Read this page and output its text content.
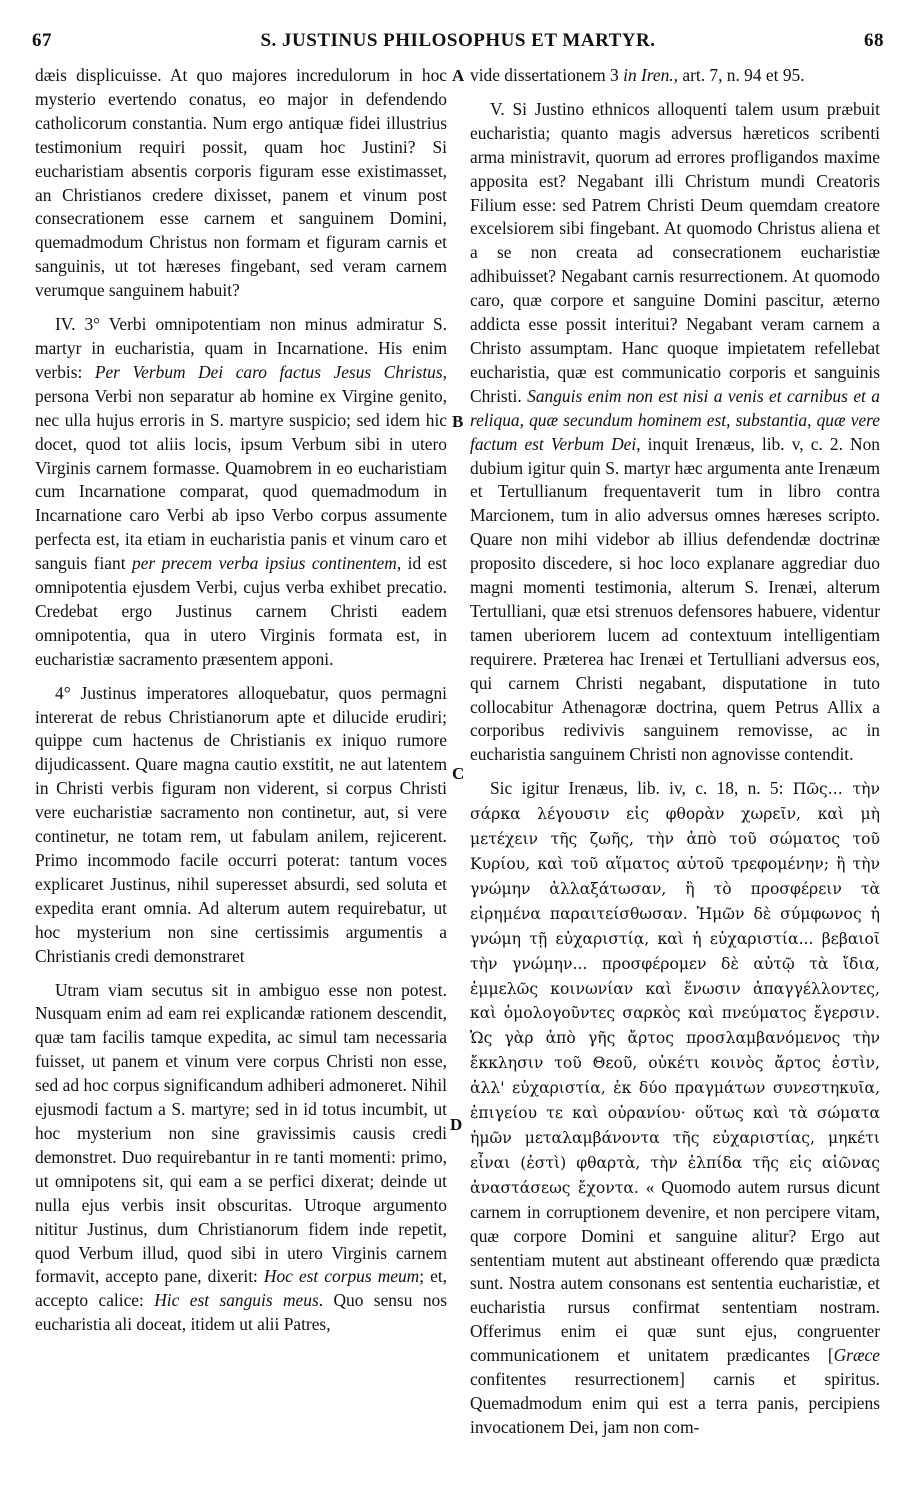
67	S. JUSTINUS PHILOSOPHUS ET MARTYR.	68
A
B
C
D

dæis displicuisse. At quo majores incredulorum in hoc mysterio evertendo conatus, eo major in defendendo catholicorum constantia. Num ergo antiquæ fidei illustrius testimonium requiri possit, quam hoc Justini? Si eucharistiam absentis corporis figuram esse existimasset, an Christianos credere dixisset, panem et vinum post consecrationem esse carnem et sanguinem Domini, quemadmodum Christus non formam et figuram carnis et sanguinis, ut tot hæreses fingebant, sed veram carnem verumque sanguinem habuit?

IV. 3° Verbi omnipotentiam non minus admiratur S. martyr in eucharistia, quam in Incarnatione. His enim verbis: Per Verbum Dei caro factus Jesus Christus, persona Verbi non separatur ab homine ex Virgine genito, nec ulla hujus erroris in S. martyre suspicio; sed idem hic docet, quod tot aliis locis, ipsum Verbum sibi in utero Virginis carnem formasse. Quamobrem in eo eucharistiam cum Incarnatione comparat, quod quemadmodum in Incarnatione caro Verbi ab ipso Verbo corpus assumente perfecta est, ita etiam in eucharistia panis et vinum caro et sanguis fiant per precem verba ipsius continentem, id est omnipotentia ejusdem Verbi, cujus verba exhibet precatio. Credebat ergo Justinus carnem Christi eadem omnipotentia, qua in utero Virginis formata est, in eucharistiæ sacramento præsentem apponi.

4° Justinus imperatores alloquebatur, quos permagni intererat de rebus Christianorum apte et dilucide erudiri; quippe cum hactenus de Christianis ex iniquo rumore dijudicassent. Quare magna cautio exstitit, ne aut latentem in Christi verbis figuram non viderent, si corpus Christi vere eucharistiæ sacramento non continetur, aut, si vere continetur, ne totam rem, ut fabulam anilem, rejicerent. Primo incommodo facile occurri poterat: tantum voces explicaret Justinus, nihil superesset absurdi, sed soluta et expedita erant omnia. Ad alterum autem requirebatur, ut hoc mysterium non sine certissimis argumentis a Christianis credi demonstraret

Utram viam secutus sit in ambiguo esse non potest. Nusquam enim ad eam rei explicandæ rationem descendit, quæ tam facilis tamque expedita, ac simul tam necessaria fuisset, ut panem et vinum vere corpus Christi non esse, sed ad hoc corpus significandum adhiberi admoneret. Nihil ejusmodi factum a S. martyre; sed in id totus incumbit, ut hoc mysterium non sine gravissimis causis credi demonstret. Duo requirebantur in re tanti momenti: primo, ut omnipotens sit, qui eam a se perfici dixerat; deinde ut nulla ejus verbis insit obscuritas. Utroque argumento nititur Justinus, dum Christianorum fidem inde repetit, quod Verbum illud, quod sibi in utero Virginis carnem formavit, accepto pane, dixerit: Hoc est corpus meum; et, accepto calice: Hic est sanguis meus. Quo sensu nos eucharistia ali doceat, itidem ut alii Patres,

vide dissertationem 3 in Iren., art. 7, n. 94 et 95.

V. Si Justino ethnicos alloquenti talem usum præbuit eucharistia; quanto magis adversus hæreticos scribenti arma ministravit, quorum ad errores profligandos maxime apposita est? Negabant illi Christum mundi Creatoris Filium esse: sed Patrem Christi Deum quemdam creatore excelsiorem sibi fingebant. At quomodo Christus aliena et a se non creata ad consecrationem eucharistiæ adhibuisset? Negabant carnis resurrectionem. At quomodo caro, quæ corpore et sanguine Domini pascitur, æterno addicta esse possit interitui? Negabant veram carnem a Christo assumptam. Hanc quoque impietatem refellebat eucharistia, quæ est communicatio corporis et sanguinis Christi. Sanguis enim non est nisi a venis et carnibus et a reliqua, quæ secundum hominem est, substantia, quæ vere factum est Verbum Dei, inquit Irenæus, lib. v, c. 2. Non dubium igitur quin S. martyr hæc argumenta ante Irenæum et Tertullianum frequentaverit tum in libro contra Marcionem, tum in alio adversus omnes hæreses scripto. Quare non mihi videbor ab illius defendendæ doctrinæ proposito discedere, si hoc loco explanare aggrediar duo magni momenti testimonia, alterum S. Irenæi, alterum Tertulliani, quæ etsi strenuos defensores habuere, videntur tamen uberiorem lucem ad contextuum intelligentiam requirere. Præterea hac Irenæi et Tertulliani adversus eos, qui carnem Christi negabant, disputatione in tuto collocabitur Athenagoræ doctrina, quem Petrus Allix a corporibus redivivis sanguinem removisse, ac in eucharistia sanguinem Christi non agnovisse contendit.

Sic igitur Irenæus, lib. iv, c. 18, n. 5: Πῶς... τὴν σάρκα λέγουσιν εἰς φθορὰν χωρεῖν, καὶ μὴ μετέχειν τῆς ζωῆς, τὴν ἀπὸ τοῦ σώματος τοῦ Κυρίου, καὶ τοῦ αἵματος αὐτοῦ τρεφομένην; ἢ τὴν γνώμην ἀλλαξάτωσαν, ἢ τὸ προσφέρειν τὰ εἰρημένα παραιτείσθωσαν. Ἡμῶν δὲ σύμφωνος ἡ γνώμη τῇ εὐχαριστίᾳ, καὶ ἡ εὐχαριστία... βεβαιοῖ τὴν γνώμην... προσφέρομεν δὲ αὐτῷ τὰ ἴδια, ἐμμελῶς κοινωνίαν καὶ ἕνωσιν ἀπαγγέλλοντες, καὶ ὁμολογοῦντες σαρκὸς καὶ πνεύματος ἔγερσιν. Ὡς γὰρ ἀπὸ γῆς ἄρτος προσλαμβανόμενος τὴν ἔκκλησιν τοῦ Θεοῦ, οὐκέτι κοινὸς ἄρτος ἐστὶν, ἀλλ' εὐχαριστία, ἐκ δύο πραγμάτων συνεστηκυῖα, ἐπιγείου τε καὶ οὐρανίου· οὕτως καὶ τὰ σώματα ἡμῶν μεταλαμβάνοντα τῆς εὐχαριστίας, μηκέτι εἶναι (ἐστὶ) φθαρτὰ, τὴν ἐλπίδα τῆς εἰς αἰῶνας ἀναστάσεως ἔχοντα. « Quomodo autem rursus dicunt carnem in corruptionem devenire, et non percipere vitam, quæ corpore Domini et sanguine alitur? Ergo aut sententiam mutent aut abstineant offerendo quæ prædicta sunt. Nostra autem consonans est sententia eucharistiæ, et eucharistia rursus confirmat sententiam nostram. Offerimus enim ei quæ sunt ejus, congruenter communicationem et unitatem prædicantes [Græce confitentes resurrectionem] carnis et spiritus. Quemadmodum enim qui est a terra panis, percipiens invocationem Dei, jam non com-
